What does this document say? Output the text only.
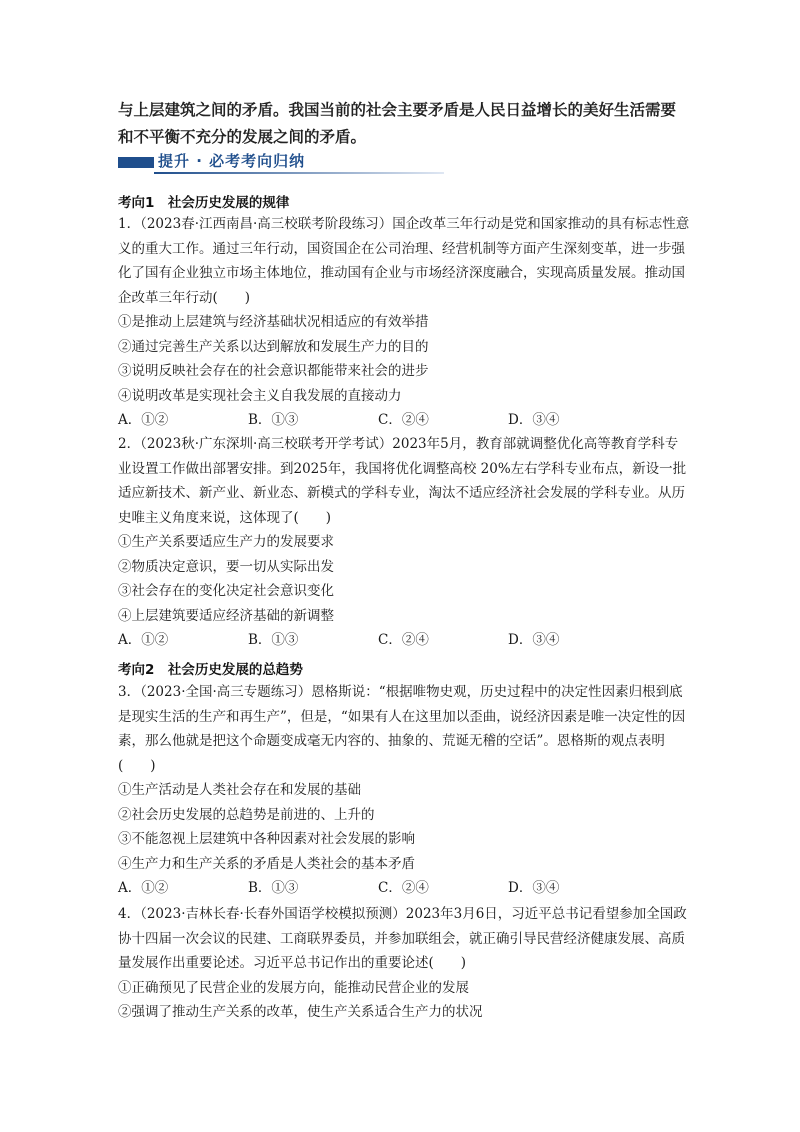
与上层建筑之间的矛盾。我国当前的社会主要矛盾是人民日益增长的美好生活需要和不平衡不充分的发展之间的矛盾。
提升 · 必考考向归纳
考向1　社会历史发展的规律

1．（2023春·江西南昌·高三校联考阶段练习）国企改革三年行动是党和国家推动的具有标志性意义的重大工作。通过三年行动，国资国企在公司治理、经营机制等方面产生深刻变革，进一步强化了国有企业独立市场主体地位，推动国有企业与市场经济深度融合，实现高质量发展。推动国企改革三年行动(　　)

①是推动上层建筑与经济基础状况相适应的有效举措

②通过完善生产关系以达到解放和发展生产力的目的

③说明反映社会存在的社会意识都能带来社会的进步

④说明改革是实现社会主义自我发展的直接动力

A．①②	B．①③	C．②④	D．③④

2．（2023秋·广东深圳·高三校联考开学考试）2023年5月，教育部就调整优化高等教育学科专业设置工作做出部署安排。到2025年，我国将优化调整高校 20%左右学科专业布点，新设一批适应新技术、新产业、新业态、新模式的学科专业，淘汰不适应经济社会发展的学科专业。从历史唯主义角度来说，这体现了(　　)

①生产关系要适应生产力的发展要求

②物质决定意识，要一切从实际出发

③社会存在的变化决定社会意识变化

④上层建筑要适应经济基础的新调整

A．①②	B．①③	C．②④	D．③④
考向2　社会历史发展的总趋势

3．（2023·全国·高三专题练习）恩格斯说：“根据唯物史观，历史过程中的决定性因素归根到底是现实生活的生产和再生产”，但是，“如果有人在这里加以歪曲，说经济因素是唯一决定性的因素，那么他就是把这个命题变成毫无内容的、抽象的、荒诞无稽的空话”。恩格斯的观点表明(　　)

①生产活动是人类社会存在和发展的基础

②社会历史发展的总趋势是前进的、上升的

③不能忽视上层建筑中各种因素对社会发展的影响

④生产力和生产关系的矛盾是人类社会的基本矛盾

A．①②	B．①③	C．②④	D．③④

4．（2023·吉林长春·长春外国语学校模拟预测）2023年3月6日，习近平总书记看望参加全国政协十四届一次会议的民建、工商联界委员，并参加联组会，就正确引导民营经济健康发展、高质量发展作出重要论述。习近平总书记作出的重要论述(　　)

①正确预见了民营企业的发展方向，能推动民营企业的发展

②强调了推动生产关系的改革，使生产关系适合生产力的状况
